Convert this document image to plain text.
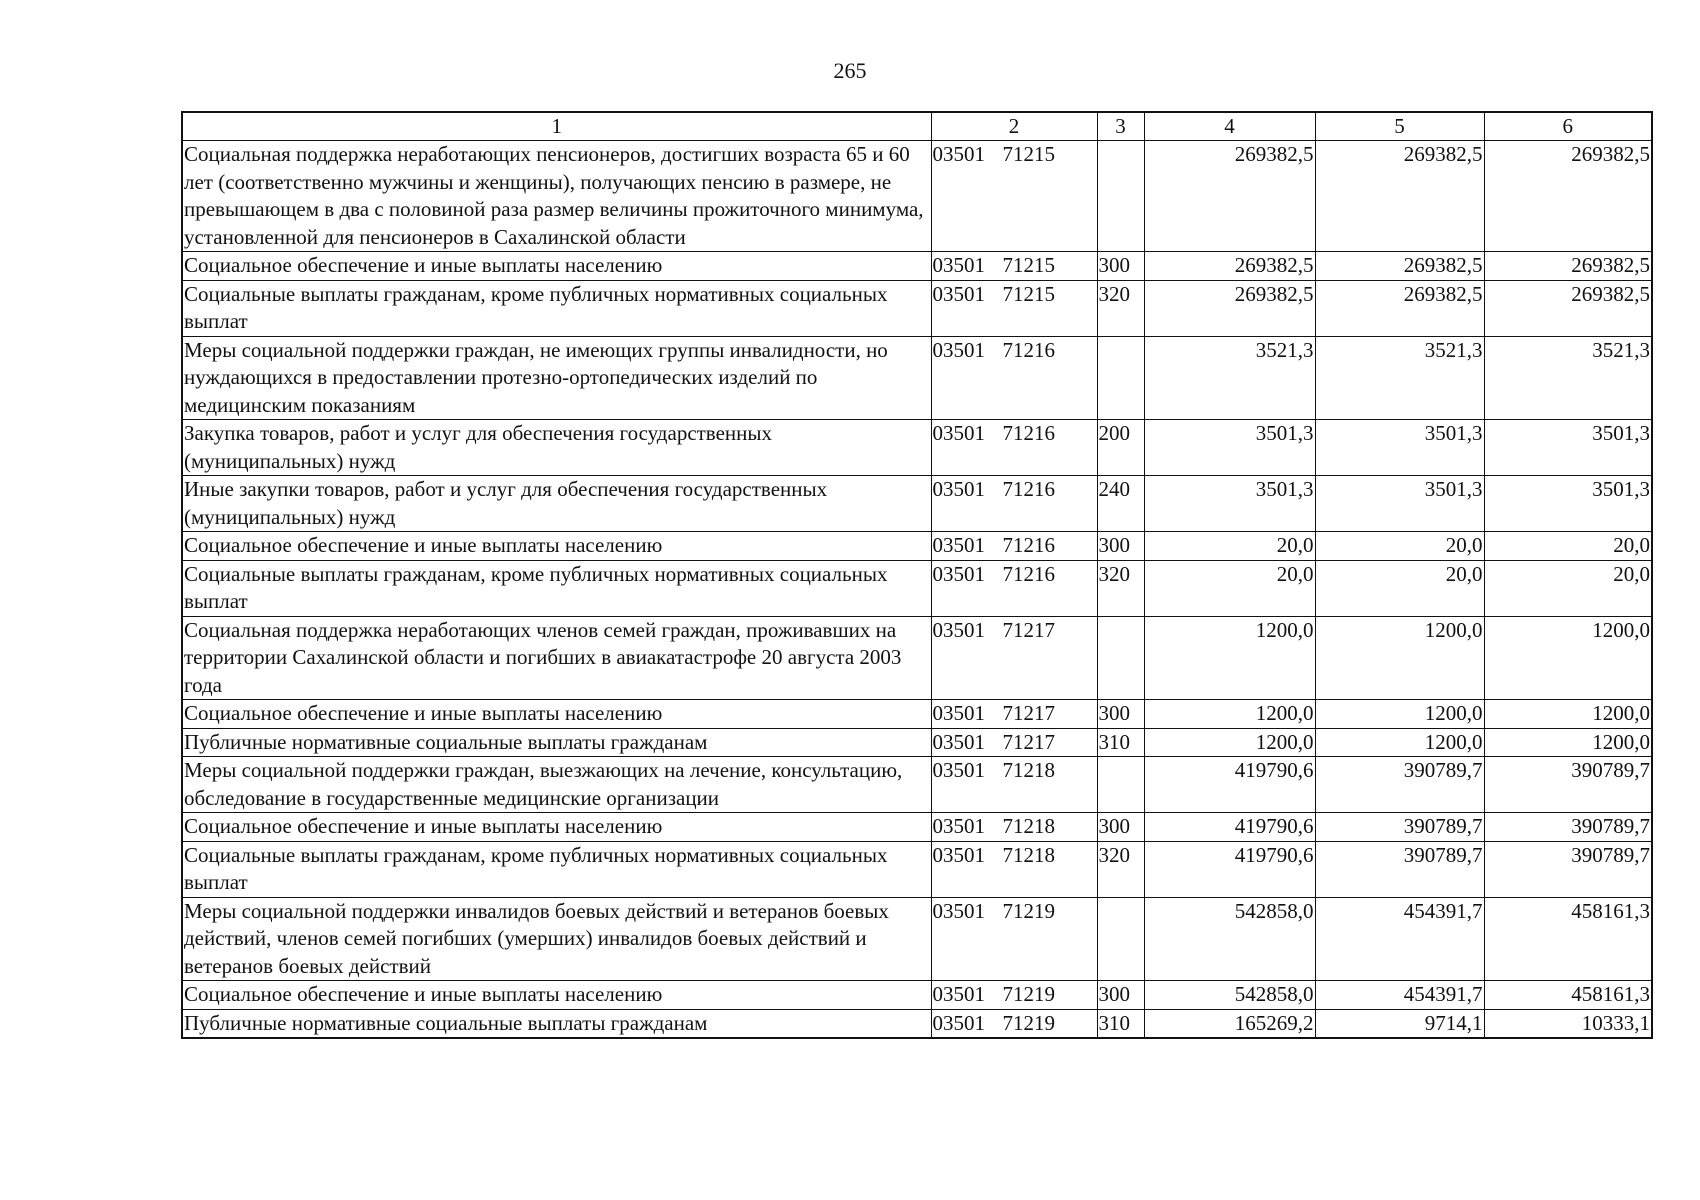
265
1	2	3	4	5	6
Социальная поддержка неработающих пенсионеров, достигших возраста 65 и 60 лет (соответственно мужчины и женщины), получающих пенсию в размере, не превышающем в два с половиной раза размер величины прожиточного минимума, установленной для пенсионеров в Сахалинской области	03501 71215		269382,5	269382,5	269382,5
Социальное обеспечение и иные выплаты населению	03501 71215	300	269382,5	269382,5	269382,5
Социальные выплаты гражданам, кроме публичных нормативных социальных выплат	03501 71215	320	269382,5	269382,5	269382,5
Меры социальной поддержки граждан, не имеющих группы инвалидности, но нуждающихся в предоставлении протезно-ортопедических изделий по медицинским показаниям	03501 71216		3521,3	3521,3	3521,3
Закупка товаров, работ и услуг для обеспечения государственных (муниципальных) нужд	03501 71216	200	3501,3	3501,3	3501,3
Иные закупки товаров, работ и услуг для обеспечения государственных (муниципальных) нужд	03501 71216	240	3501,3	3501,3	3501,3
Социальное обеспечение и иные выплаты населению	03501 71216	300	20,0	20,0	20,0
Социальные выплаты гражданам, кроме публичных нормативных социальных выплат	03501 71216	320	20,0	20,0	20,0
Социальная поддержка неработающих членов семей граждан, проживавших на территории Сахалинской области и погибших в авиакатастрофе 20 августа 2003 года	03501 71217		1200,0	1200,0	1200,0
Социальное обеспечение и иные выплаты населению	03501 71217	300	1200,0	1200,0	1200,0
Публичные нормативные социальные выплаты гражданам	03501 71217	310	1200,0	1200,0	1200,0
Меры социальной поддержки граждан, выезжающих на лечение, консультацию, обследование в государственные медицинские организации	03501 71218		419790,6	390789,7	390789,7
Социальное обеспечение и иные выплаты населению	03501 71218	300	419790,6	390789,7	390789,7
Социальные выплаты гражданам, кроме публичных нормативных социальных выплат	03501 71218	320	419790,6	390789,7	390789,7
Меры социальной поддержки инвалидов боевых действий и ветеранов боевых действий, членов семей погибших (умерших) инвалидов боевых действий и ветеранов боевых действий	03501 71219		542858,0	454391,7	458161,3
Социальное обеспечение и иные выплаты населению	03501 71219	300	542858,0	454391,7	458161,3
Публичные нормативные социальные выплаты гражданам	03501 71219	310	165269,2	9714,1	10333,1
